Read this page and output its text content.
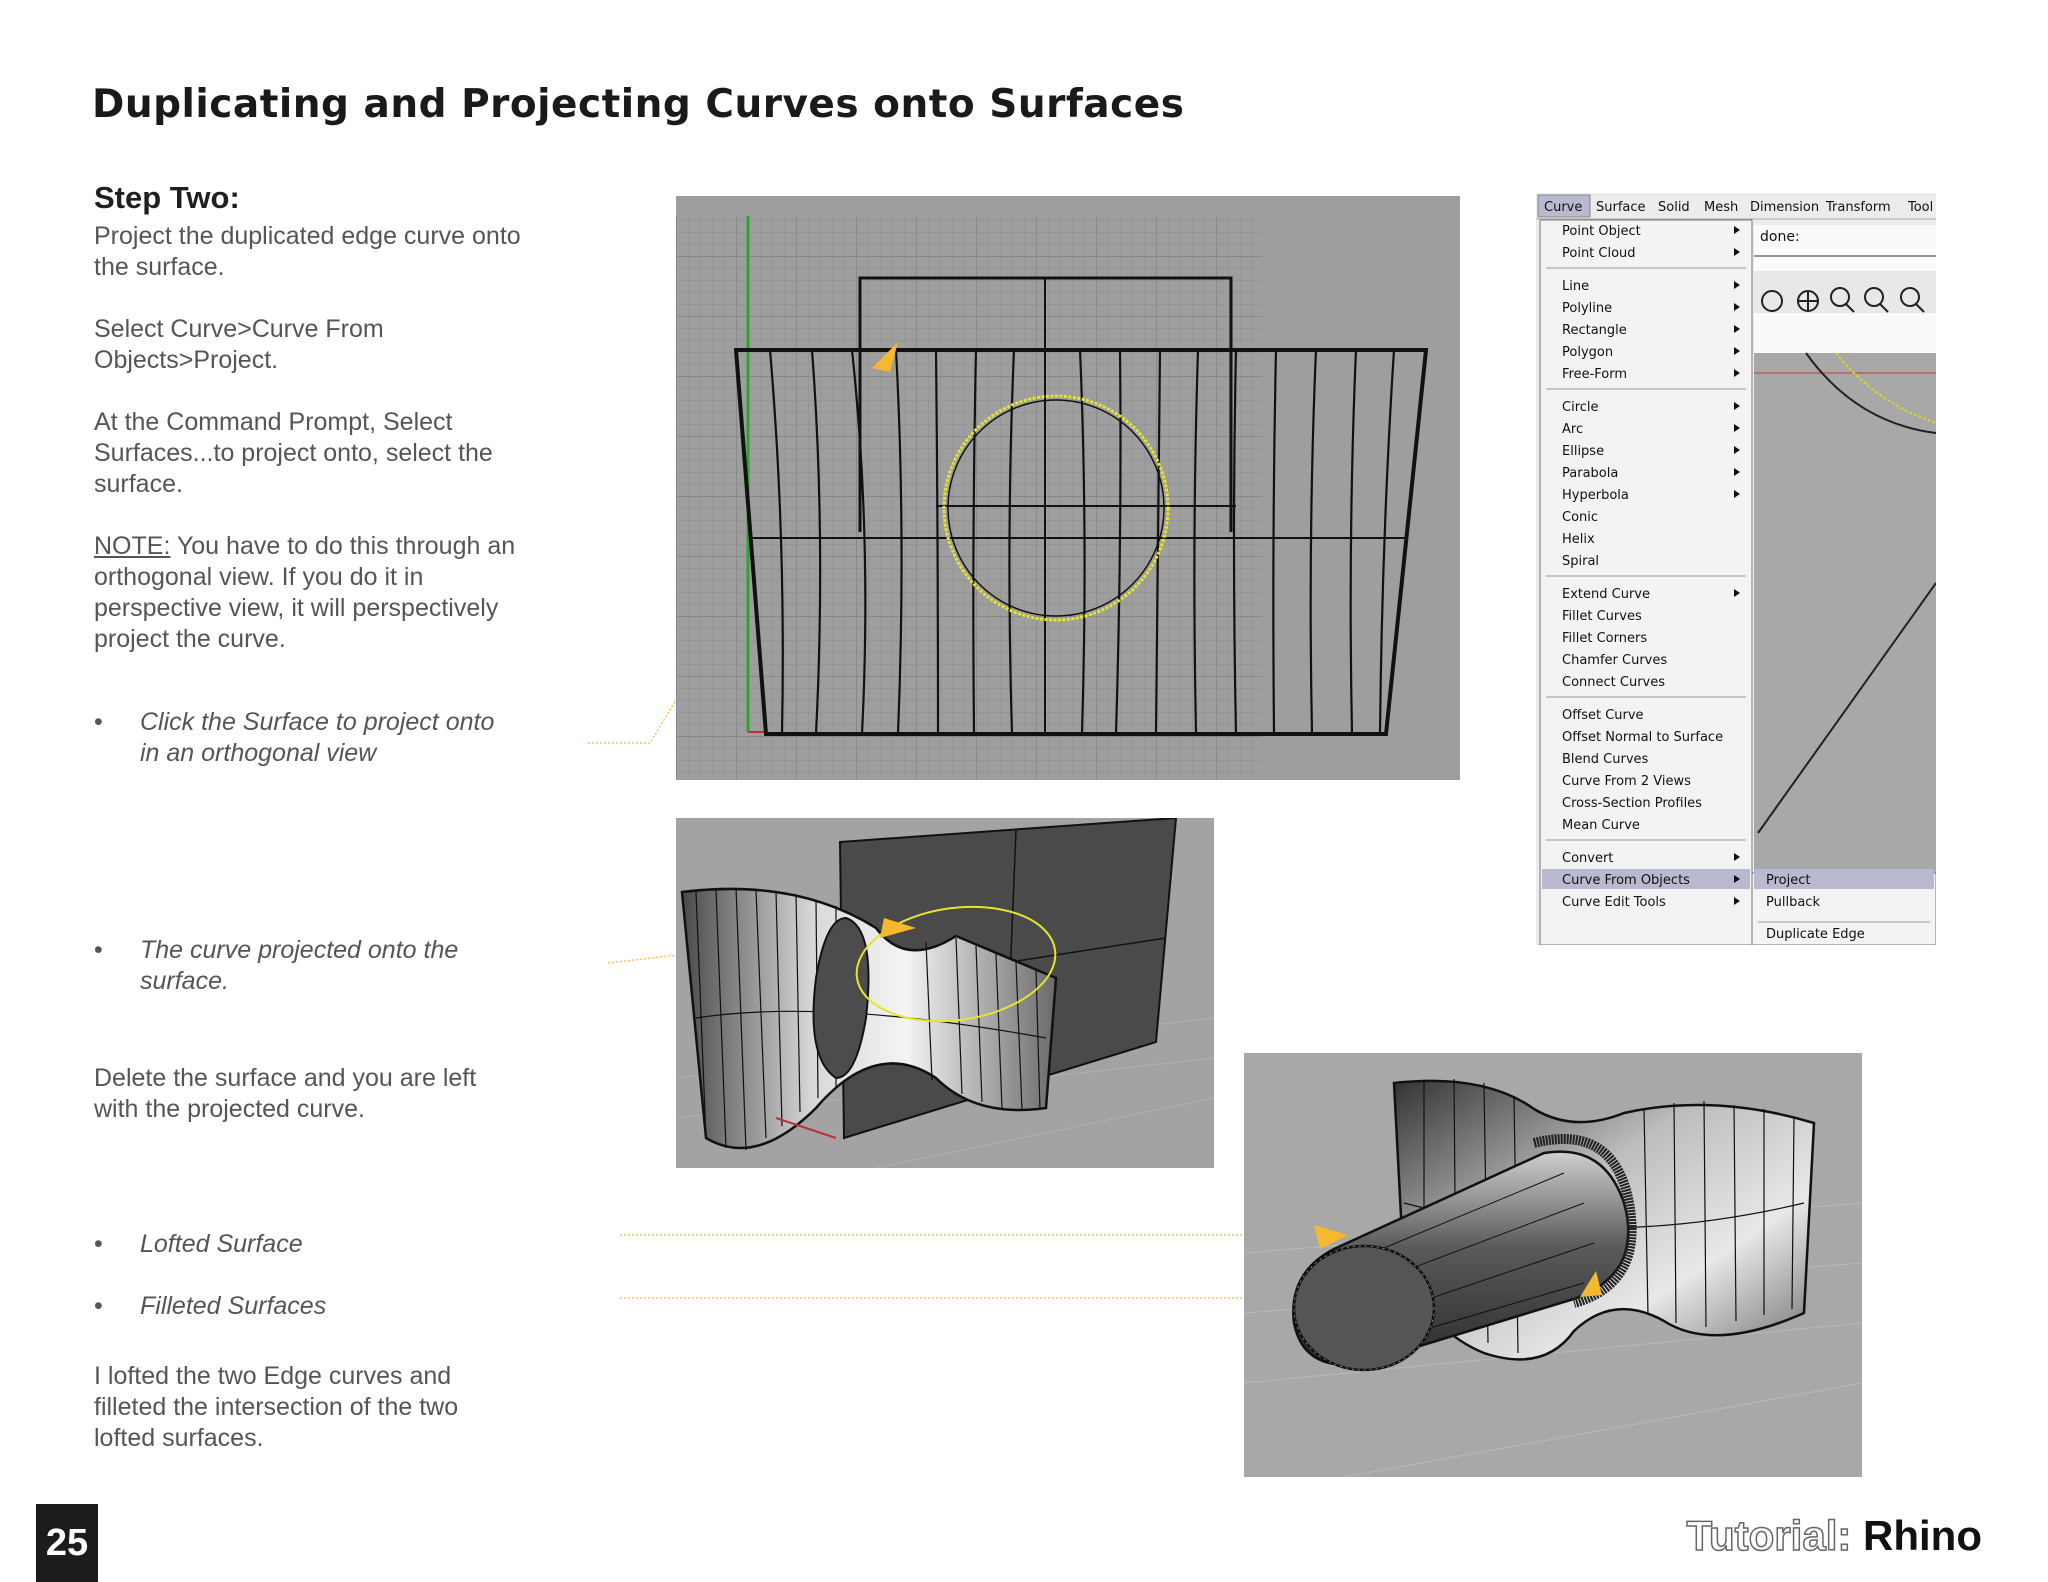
Duplicating and Projecting Curves onto Surfaces
Step Two:

Project the duplicated edge curve onto the surface.

Select Curve>Curve From Objects>Project.

At the Command Prompt, Select Surfaces...to project onto, select the surface.

NOTE: You have to do this through an orthogonal view. If you do it in perspective view, it will perspectively project the curve.

• Click the Surface to project onto in an orthogonal view
• The curve projected onto the surface.
Delete the surface and you are left with the projected curve.
• Lofted Surface
• Filleted Surfaces
I lofted the two Edge curves and filleted the intersection of the two lofted surfaces.
Curve Surface Solid Mesh Dimension Transform Tool
done:
Point Object
Point Cloud
Line
Polyline
Rectangle
Polygon
Free-Form
Circle
Arc
Ellipse
Parabola
Hyperbola
Conic
Helix
Spiral
Extend Curve
Fillet Curves
Fillet Corners
Chamfer Curves
Connect Curves
Offset Curve
Offset Normal to Surface
Blend Curves
Curve From 2 Views
Cross-Section Profiles
Mean Curve
Convert
Curve From Objects	Project
Pullback
Duplicate Edge
Curve Edit Tools
25	Tutorial: Rhino
